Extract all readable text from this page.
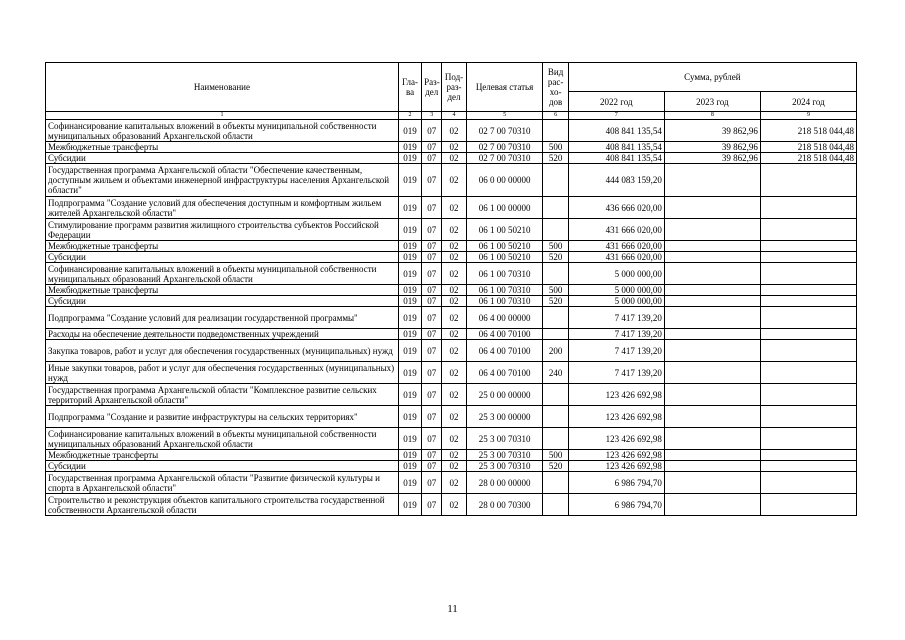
Наименование	Гла-ва	Раз-дел	Под-раз-дел	Целевая статья	Вид рас-хо-дов	Сумма, рублей		
						2022 год	2023 год	2024 год
1	2	3	4	5	6	7	8	9
Софинансирование капитальных вложений в объекты муниципальной собственности муниципальных образований Архангельской области	019	07	02	02 7 00 70310		408 841 135,54	39 862,96	218 518 044,48
Межбюджетные трансферты	019	07	02	02 7 00 70310	500	408 841 135,54	39 862,96	218 518 044,48
Субсидии	019	07	02	02 7 00 70310	520	408 841 135,54	39 862,96	218 518 044,48
Государственная программа Архангельской области "Обеспечение качественным, доступным жильем и объектами инженерной инфраструктуры населения Архангельской области"	019	07	02	06 0 00 00000		444 083 159,20		
Подпрограмма "Создание условий для обеспечения доступным и комфортным жильем жителей Архангельской области"	019	07	02	06 1 00 00000		436 666 020,00		
Стимулирование программ развития жилищного строительства субъектов Российской Федерации	019	07	02	06 1 00 50210		431 666 020,00		
Межбюджетные трансферты	019	07	02	06 1 00 50210	500	431 666 020,00		
Субсидии	019	07	02	06 1 00 50210	520	431 666 020,00		
Софинансирование капитальных вложений в объекты муниципальной собственности муниципальных образований Архангельской области	019	07	02	06 1 00 70310		5 000 000,00		
Межбюджетные трансферты	019	07	02	06 1 00 70310	500	5 000 000,00		
Субсидии	019	07	02	06 1 00 70310	520	5 000 000,00		
Подпрограмма "Создание условий для реализации государственной программы"	019	07	02	06 4 00 00000		7 417 139,20		
Расходы на обеспечение деятельности подведомственных учреждений	019	07	02	06 4 00 70100		7 417 139,20		
Закупка товаров, работ и услуг для обеспечения государственных (муниципальных) нужд	019	07	02	06 4 00 70100	200	7 417 139,20		
Иные закупки товаров, работ и услуг для обеспечения государственных (муниципальных) нужд	019	07	02	06 4 00 70100	240	7 417 139,20		
Государственная программа Архангельской области "Комплексное развитие сельских территорий Архангельской области"	019	07	02	25 0 00 00000		123 426 692,98		
Подпрограмма "Создание и развитие инфраструктуры на сельских территориях"	019	07	02	25 3 00 00000		123 426 692,98		
Софинансирование капитальных вложений в объекты муниципальной собственности муниципальных образований Архангельской области	019	07	02	25 3 00 70310		123 426 692,98		
Межбюджетные трансферты	019	07	02	25 3 00 70310	500	123 426 692,98		
Субсидии	019	07	02	25 3 00 70310	520	123 426 692,98		
Государственная программа Архангельской области "Развитие физической культуры и спорта в Архангельской области"	019	07	02	28 0 00 00000		6 986 794,70		
Строительство и реконструкция объектов капитального строительства государственной собственности Архангельской области	019	07	02	28 0 00 70300		6 986 794,70		
11
